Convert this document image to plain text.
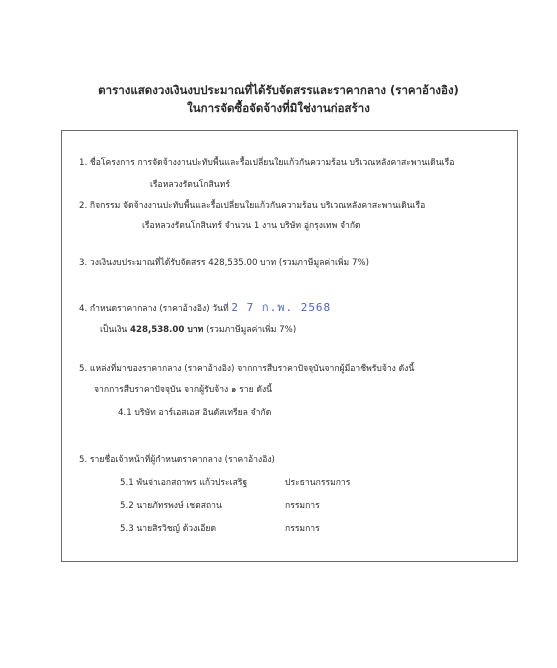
ตารางแสดงวงเงินงบประมาณที่ได้รับจัดสรรและราคากลาง (ราคาอ้างอิง)
ในการจัดซื้อจัดจ้างที่มิใช่งานก่อสร้าง
1. ชื่อโครงการ การจัดจ้างงานปะทับพื้นและรื้อเปลี่ยนใยแก้วกันความร้อน บริเวณหลังคาสะพานเดินเรือ
เรือหลวงรัตนโกสินทร์
2. กิจกรรม จัดจ้างงานปะทับพื้นและรื้อเปลี่ยนใยแก้วกันความร้อน บริเวณหลังคาสะพานเดินเรือ
เรือหลวงรัตนโกสินทร์ จำนวน 1 งาน บริษัท อู่กรุงเทพ จำกัด
3. วงเงินงบประมาณที่ได้รับจัดสรร 428,535.00 บาท (รวมภาษีมูลค่าเพิ่ม 7%)
4. กำหนดราคากลาง (ราคาอ้างอิง) วันที่ 2 7 ก.พ. 2568
เป็นเงิน 428,538.00 บาท (รวมภาษีมูลค่าเพิ่ม 7%)
5. แหล่งที่มาของราคากลาง (ราคาอ้างอิง) จากการสืบราคาปัจจุบันจากผู้มีอาชีพรับจ้าง ดังนี้
จากการสืบราคาปัจจุบัน จากผู้รับจ้าง ๑ ราย ดังนี้
4.1 บริษัท อาร์เอสเอส อินดัสเทรียล จำกัด
5. รายชื่อเจ้าหน้าที่ผู้กำหนดราคากลาง (ราคาอ้างอิง)
5.1 พันจ่าเอกสถาพร แก้วประเสริฐ	ประธานกรรมการ
5.2 นายภัทรพงษ์ เชตสถาน	กรรมการ
5.3 นายสิรวิชญ์ ด้วงเอียด	กรรมการ
